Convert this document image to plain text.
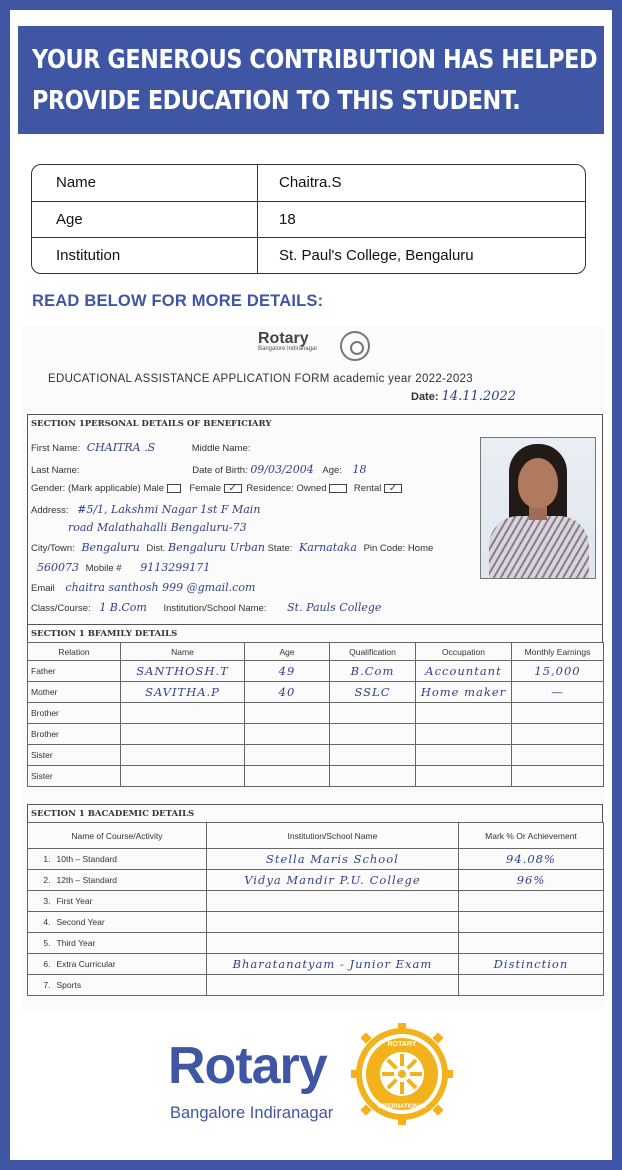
YOUR GENEROUS CONTRIBUTION HAS HELPED
PROVIDE EDUCATION TO THIS STUDENT.
Name	Chaitra.S
Age	18
Institution	St. Paul's College, Bengaluru
READ BELOW FOR MORE DETAILS:
Rotary
Bangalore Indiranagar
EDUCATIONAL ASSISTANCE APPLICATION FORM academic year 2022-2023
Date: 14.11.2022
SECTION 1PERSONAL DETAILS OF BENEFICIARY
First Name: CHAITRA .S	Middle Name:
Last Name:	Date of Birth: 09/03/2004 Age: 18
Gender: (Mark applicable) Male	Female ✓ Residence: Owned	Rental ✓
Address: #5/1, Lakshmi Nagar 1st F Main
road Malathahalli Bengaluru-73
City/Town: Bengaluru Dist. Bengaluru Urban State: Karnataka Pin Code: Home
560073 Mobile # 9113299171
Email chaitra santhosh 999 @gmail.com
Class/Course: 1 B.Com Institution/School Name: St. Pauls College
SECTION 1 BFAMILY DETAILS
Relation	Name	Age	Qualification	Occupation	Monthly Earnings
Father	SANTHOSH.T	49	B.Com	Accountant	15,000
Mother	SAVITHA.P	40	SSLC	Home maker	—
Brother					
Brother					
Sister					
Sister					
SECTION 1 BACADEMIC DETAILS
Name of Course/Activity		Institution/School Name	Mark % Or Achievement
1.	10th – Standard	Stella Maris School	94.08%
2.	12th – Standard	Vidya Mandir P.U. College	96%
3.	First Year		
4.	Second Year		
5.	Third Year		
6.	Extra Curricular	Bharatanatyam - Junior Exam	Distinction
7.	Sports		
Rotary
Bangalore Indiranagar
ROTARY
INTERNATIONAL
